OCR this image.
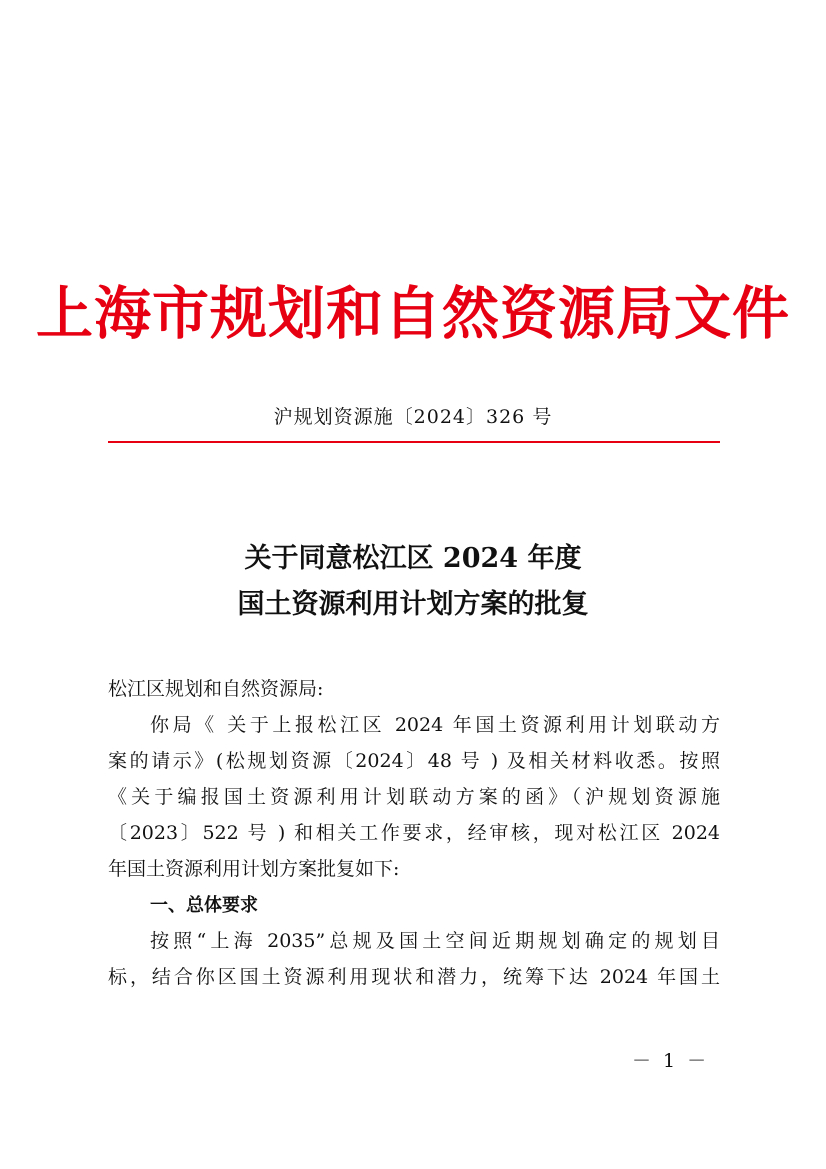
上海市规划和自然资源局文件
沪规划资源施〔2024〕326 号
关于同意松江区 2024 年度
国土资源利用计划方案的批复
松江区规划和自然资源局:
你局《 关于上报松江区 2024 年国土资源利用计划联动方
案的请示》(松规划资源〔2024〕48 号 ) 及相关材料收悉。按照
《关于编报国土资源利用计划联动方案的函》（沪规划资源施
〔2023〕522 号 ) 和相关工作要求，经审核，现对松江区 2024
年国土资源利用计划方案批复如下:
一、总体要求
按照“上海 2035”总规及国土空间近期规划确定的规划目
标，结合你区国土资源利用现状和潜力，统筹下达 2024 年国土
－ 1 －
